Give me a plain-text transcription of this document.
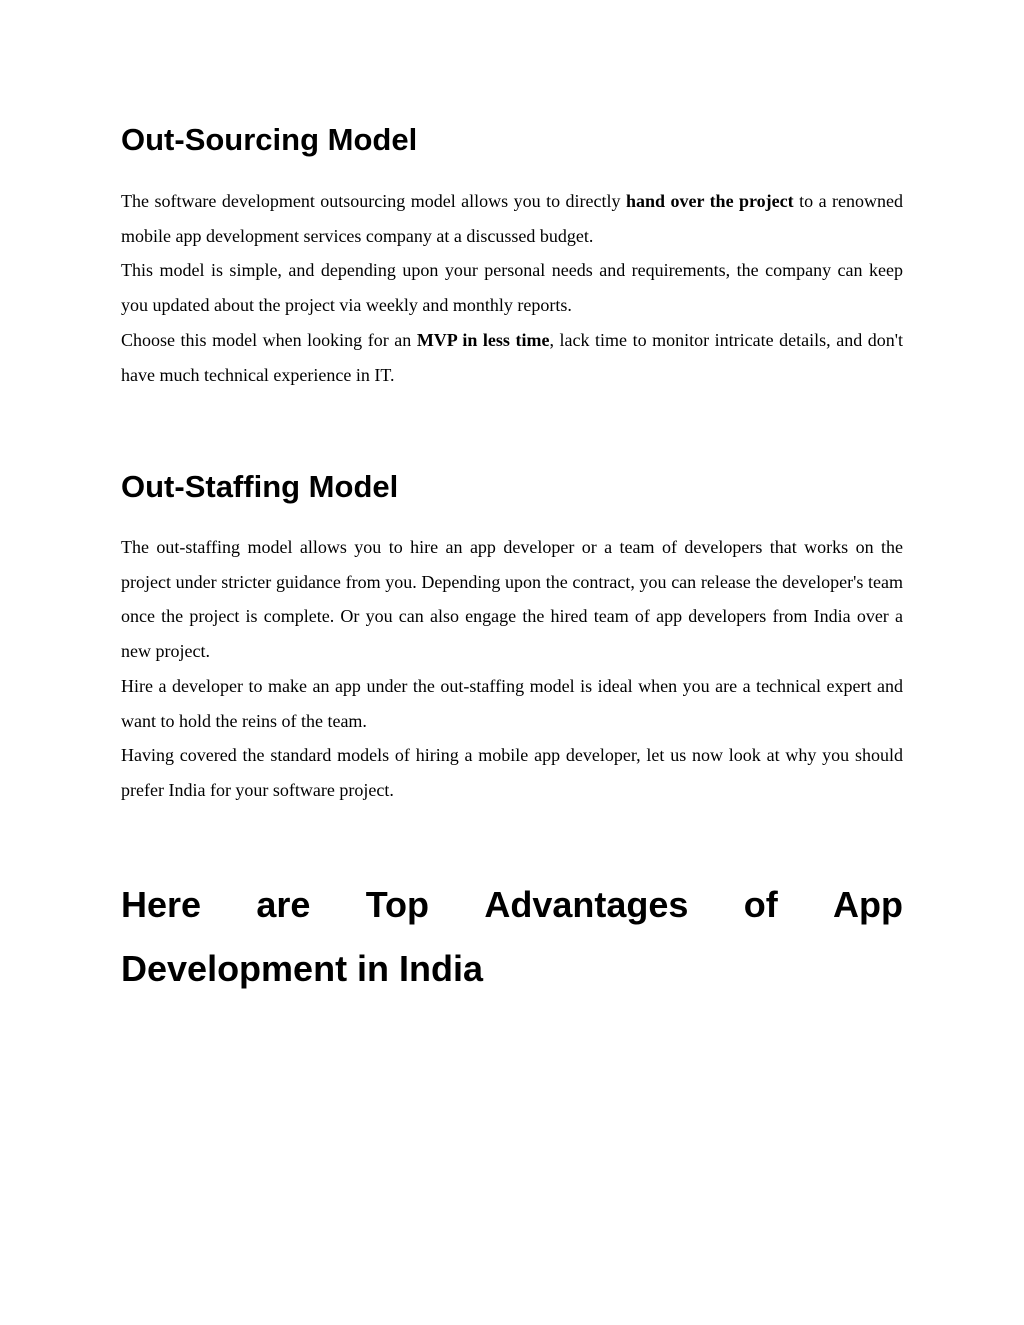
Out-Sourcing Model

The software development outsourcing model allows you to directly hand over the project to a renowned mobile app development services company at a discussed budget.

This model is simple, and depending upon your personal needs and requirements, the company can keep you updated about the project via weekly and monthly reports.

Choose this model when looking for an MVP in less time, lack time to monitor intricate details, and don't have much technical experience in IT.

Out-Staffing Model

The out-staffing model allows you to hire an app developer or a team of developers that works on the project under stricter guidance from you. Depending upon the contract, you can release the developer's team once the project is complete. Or you can also engage the hired team of app developers from India over a new project.

Hire a developer to make an app under the out-staffing model is ideal when you are a technical expert and want to hold the reins of the team.

Having covered the standard models of hiring a mobile app developer, let us now look at why you should prefer India for your software project.

Here are Top Advantages of App
Development in India
